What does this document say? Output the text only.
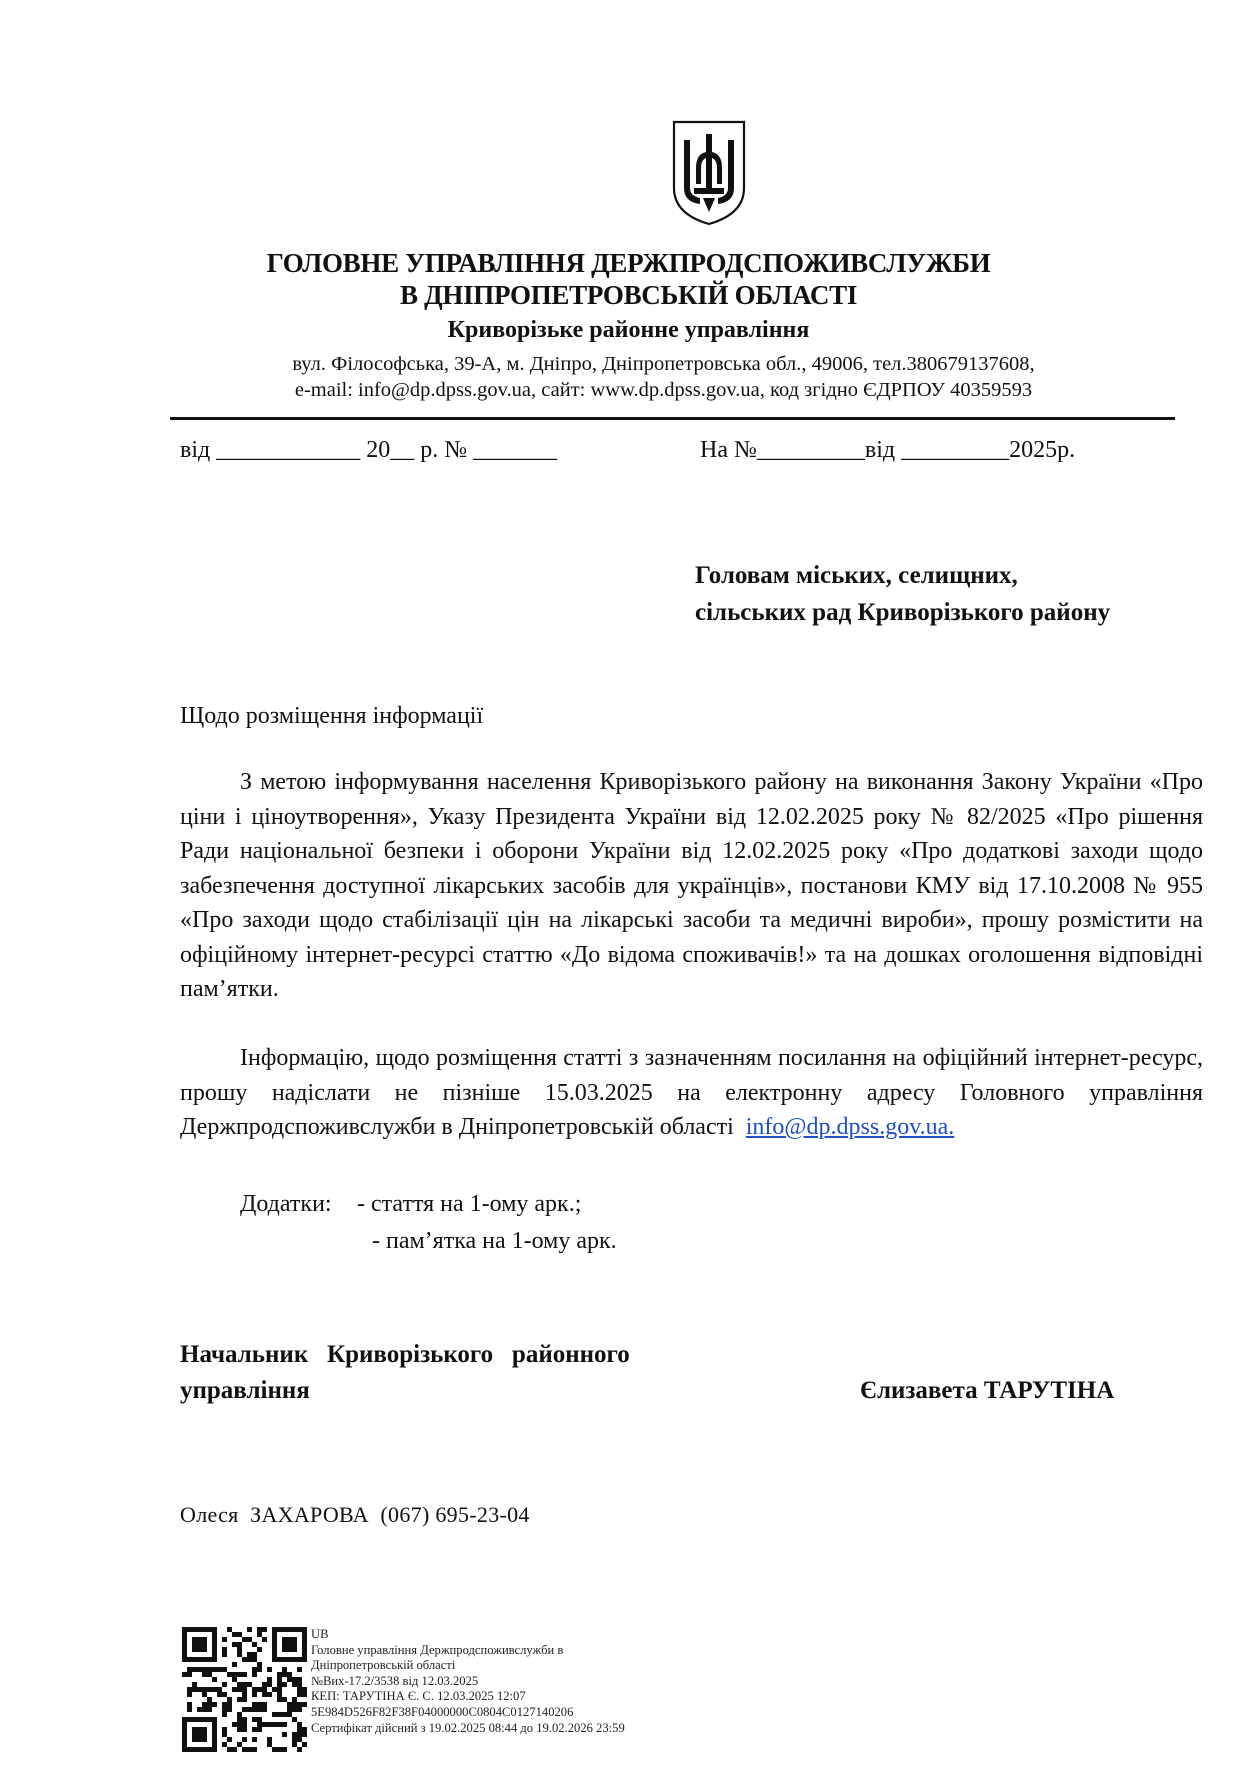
ГОЛОВНЕ УПРАВЛІННЯ ДЕРЖПРОДСПОЖИВСЛУЖБИ
В ДНІПРОПЕТРОВСЬКІЙ ОБЛАСТІ
Криворізьке районне управління
вул. Філософська, 39-А, м. Дніпро, Дніпропетровська обл., 49006, тел.380679137608,
e-mail: info@dp.dpss.gov.ua, сайт: www.dp.dpss.gov.ua, код згідно ЄДРПОУ 40359593
від ____________ 20__ р. № _______	На №_________від _________2025р.
Головам міських, селищних,
сільських рад Криворізького району
Щодо розміщення інформації
З метою інформування населення Криворізького району на виконання Закону України «Про ціни і ціноутворення», Указу Президента України від 12.02.2025 року № 82/2025 «Про рішення Ради національної безпеки і оборони України від 12.02.2025 року «Про додаткові заходи щодо забезпечення доступної лікарських засобів для українців», постанови КМУ від 17.10.2008 № 955 «Про заходи щодо стабілізації цін на лікарські засоби та медичні вироби», прошу розмістити на офіційному інтернет-ресурсі статтю «До відома споживачів!» та на дошках оголошення відповідні пам’ятки.
Інформацію, щодо розміщення статті з зазначенням посилання на офіційний інтернет-ресурс, прошу надіслати не пізніше 15.03.2025 на електронну адресу Головного управління Держпродспоживслужби в Дніпропетровській області info@dp.dpss.gov.ua.
Додатки: - стаття на 1-ому арк.;
- пам’ятка на 1-ому арк.
Начальник   Криворізького   районного
управління	Єлизавета ТАРУТІНА
Олеся  ЗАХАРОВА  (067) 695-23-04
UB
Головне управління Держпродспоживслужби в
Дніпропетровській області
№Вих-17.2/3538 від 12.03.2025
КЕП: ТАРУТІНА Є. С. 12.03.2025 12:07
5E984D526F82F38F04000000C0804C0127140206
Сертифікат дійсний з 19.02.2025 08:44 до 19.02.2026 23:59
